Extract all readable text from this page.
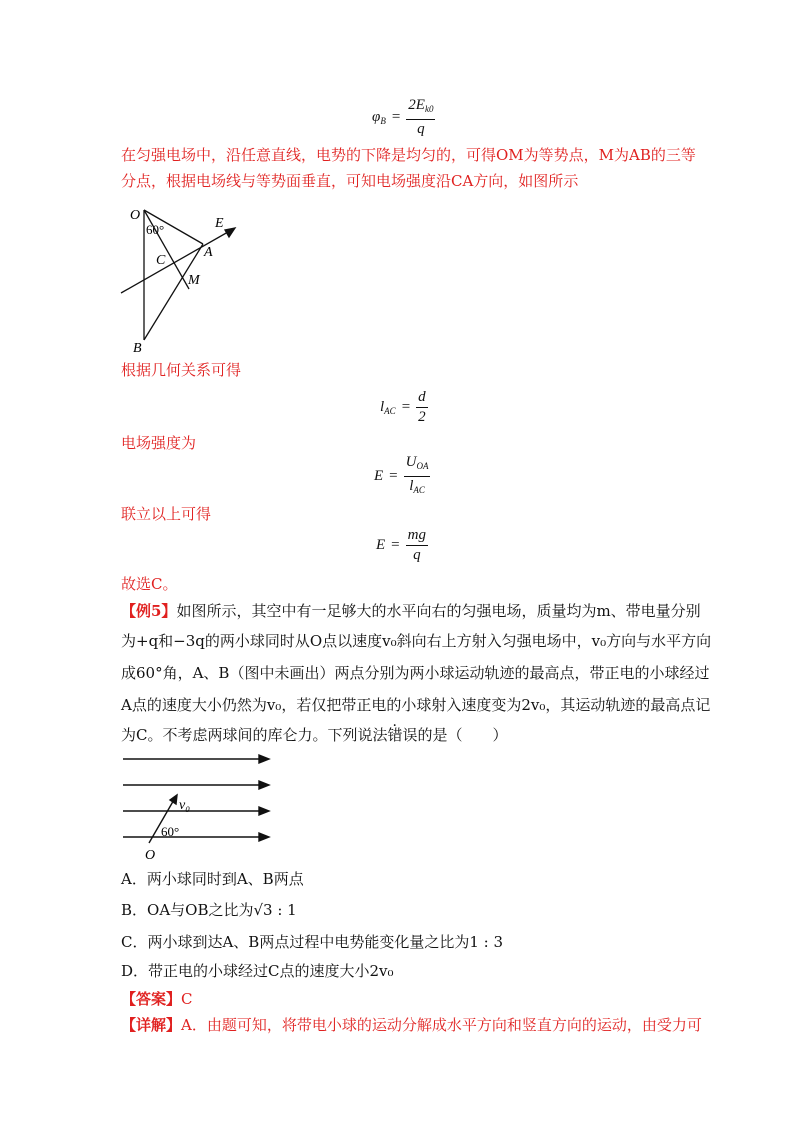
$\varphi_B = \frac{2E_{k0}}{q}$
在匀强电场中，沿任意直线，电势的下降是均匀的，可得OM为等势点，M为AB的三等
分点，根据电场线与等势面垂直，可知电场强度沿CA方向，如图所示
O
60°	E
A
C
M
B
根据几何关系可得
$l_{AC} = \frac{d}{2}$
电场强度为
$E = \frac{U_{OA}}{l_{AC}}$
联立以上可得
$E = \frac{mg}{q}$
故选C。
【例5】如图所示，其空中有一足够大的水平向右的匀强电场，质量均为m、带电量分别
为+q和−3q的两小球同时从O点以速度v₀斜向右上方射入匀强电场中，v₀方向与水平方向
成60°角，A、B（图中未画出）两点分别为两小球运动轨迹的最高点，带正电的小球经过
A点的速度大小仍然为v₀，若仅把带正电的小球射入速度变为2v₀，其运动轨迹的最高点记
为C。不考虑两球间的库仑力。下列说法错误的是（　　）
v₀
60°
O
A．两小球同时到A、B两点
B．OA与OB之比为√3 : 1
C．两小球到达A、B两点过程中电势能变化量之比为1 : 3
D．带正电的小球经过C点的速度大小2v₀
【答案】C
【详解】A．由题可知，将带电小球的运动分解成水平方向和竖直方向的运动，由受力可
